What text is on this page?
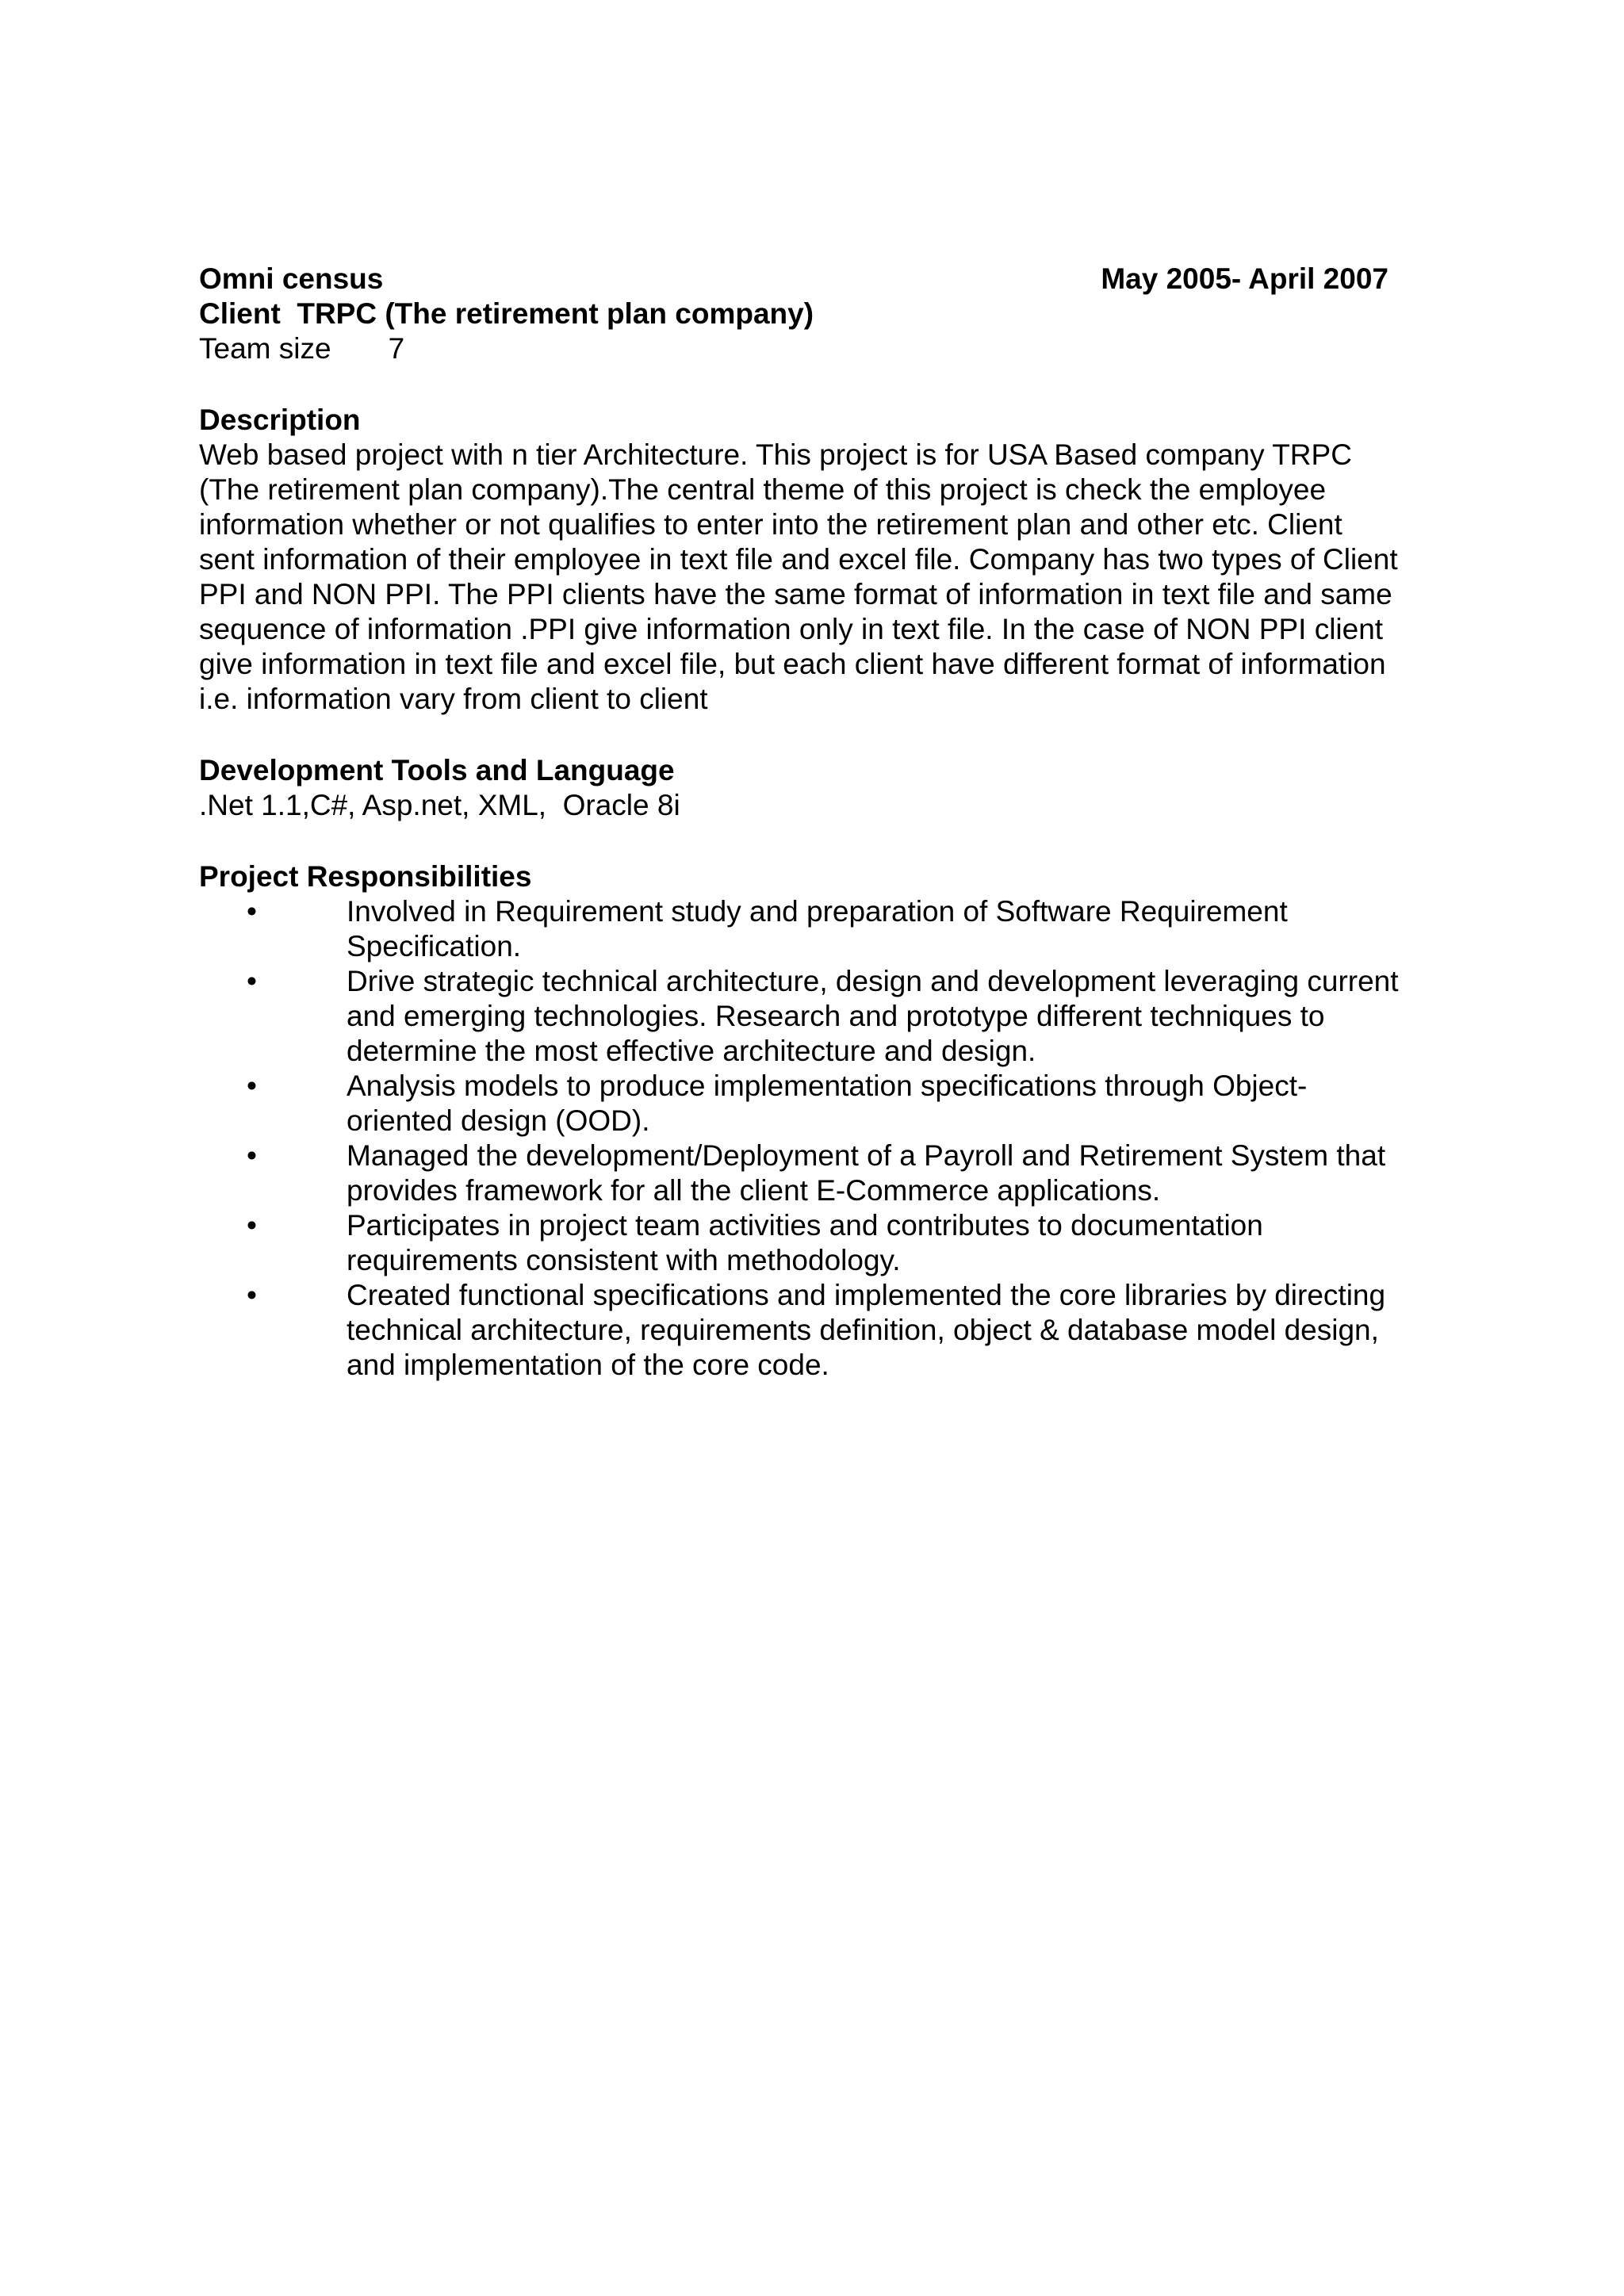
Omni census	May 2005- April 2007
Client  TRPC (The retirement plan company)
Team size 7
Description
Web based project with n tier Architecture. This project is for USA Based company TRPC
(The retirement plan company).The central theme of this project is check the employee
information whether or not qualifies to enter into the retirement plan and other etc. Client
sent information of their employee in text file and excel file. Company has two types of Client
PPI and NON PPI. The PPI clients have the same format of information in text file and same
sequence of information .PPI give information only in text file. In the case of NON PPI client
give information in text file and excel file, but each client have different format of information
i.e. information vary from client to client
Development Tools and Language
.Net 1.1,C#, Asp.net, XML,  Oracle 8i
Project Responsibilities
•	Involved in Requirement study and preparation of Software Requirement
Specification.
•	Drive strategic technical architecture, design and development leveraging current
and emerging technologies. Research and prototype different techniques to
determine the most effective architecture and design.
•	Analysis models to produce implementation specifications through Object-
oriented design (OOD).
•	Managed the development/Deployment of a Payroll and Retirement System that
provides framework for all the client E-Commerce applications.
•	Participates in project team activities and contributes to documentation
requirements consistent with methodology.
•	Created functional specifications and implemented the core libraries by directing
technical architecture, requirements definition, object & database model design,
and implementation of the core code.
